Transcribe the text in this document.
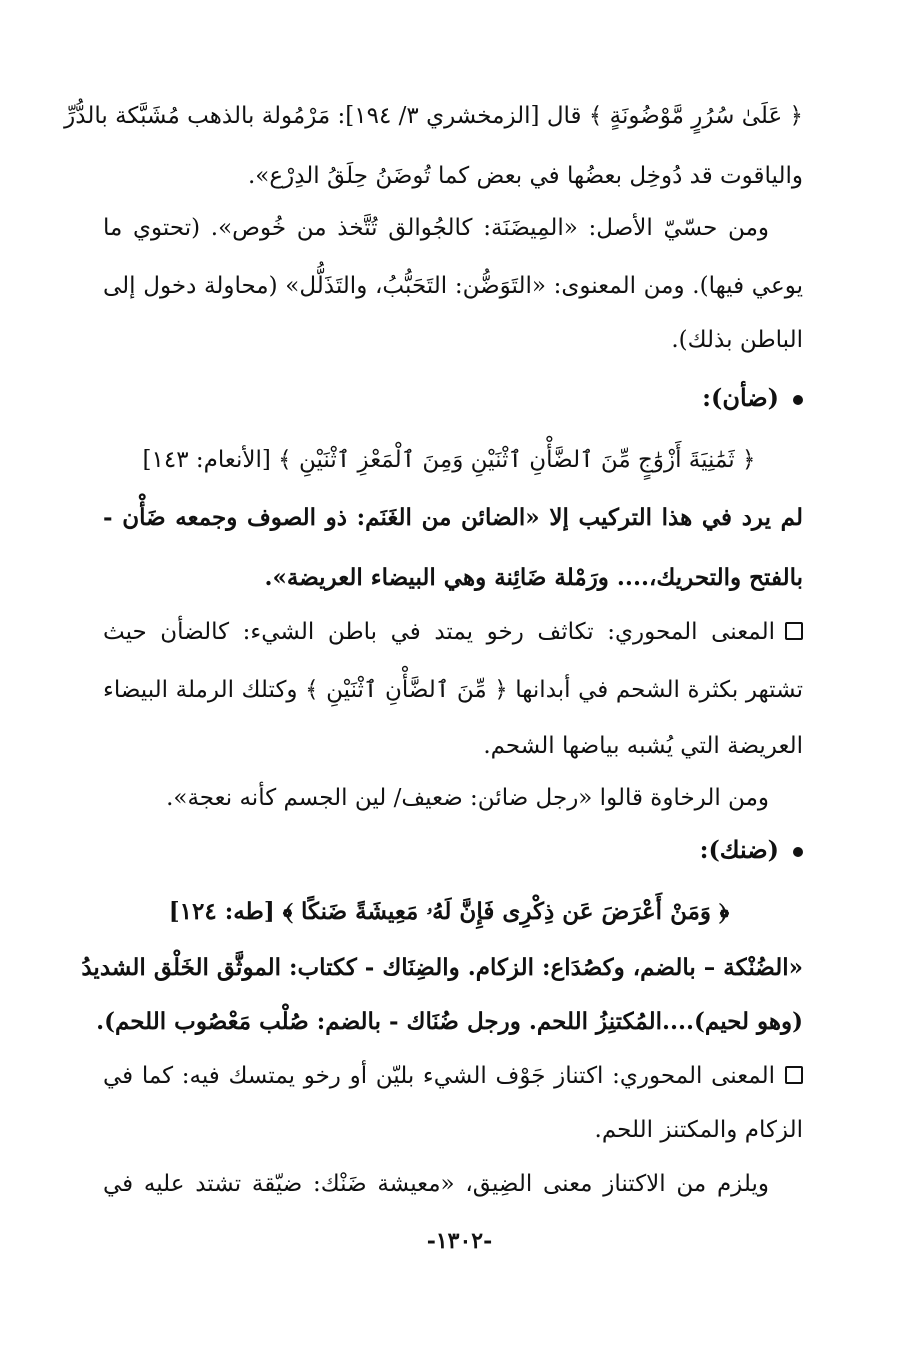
﴿ عَلَىٰ سُرُرٍ مَّوْضُونَةٍ ﴾ قال [الزمخشري ٣/ ١٩٤]: مَرْمُولة بالذهب مُشَبَّكة بالدُّرِّ
والياقوت قد دُوخِل بعضُها في بعض كما تُوضَنُ حِلَقُ الدِرْع».
ومن حسّيّ الأصل: «المِيضَنَة: كالجُوالق تُتَّخذ من خُوص». (تحتوي ما
يوعي فيها). ومن المعنوى: «التَوَضُّن: التَحَبُّبُ، والتَذَلُّل» (محاولة دخول إلى
الباطن بذلك).
(ضأن):
﴿ ثَمَٰنِيَةَ أَزْوَٰجٍ مِّنَ ٱلضَّأْنِ ٱثْنَيْنِ وَمِنَ ٱلْمَعْزِ ٱثْنَيْنِ ﴾ [الأنعام: ١٤٣]
لم يرد في هذا التركيب إلا «الضائن من الغَنَم: ذو الصوف وجمعه ضَأْن -
بالفتح والتحريك،.... ورَمْلة ضَائِنة وهي البيضاء العريضة».
المعنى المحوري: تكاثف رخو يمتد في باطن الشيء: كالضأن حيث
تشتهر بكثرة الشحم في أبدانها ﴿ مِّنَ ٱلضَّأْنِ ٱثْنَيْنِ ﴾ وكتلك الرملة البيضاء
العريضة التي يُشبه بياضها الشحم.
ومن الرخاوة قالوا «رجل ضائن: ضعيف/ لين الجسم كأنه نعجة».
(ضنك):
﴿ وَمَنْ أَعْرَضَ عَن ذِكْرِى فَإِنَّ لَهُۥ مَعِيشَةً ضَنكًا ﴾ [طه: ١٢٤]
«الضُنْكة – بالضم، وكصُدَاع: الزكام. والضِنَاك - ككتاب: الموثَّق الخَلْق الشديدُ
(وهو لحيم)....المُكتنِزُ اللحم. ورجل ضُنَاك - بالضم: صُلْب مَعْصُوب اللحم).
المعنى المحوري: اكتناز جَوْف الشيء بليّن أو رخو يمتسك فيه: كما في
الزكام والمكتنز اللحم.
ويلزم من الاكتناز معنى الضِيق، «معيشة ضَنْك: ضيّقة تشتد عليه في
-١٣٠٢-
